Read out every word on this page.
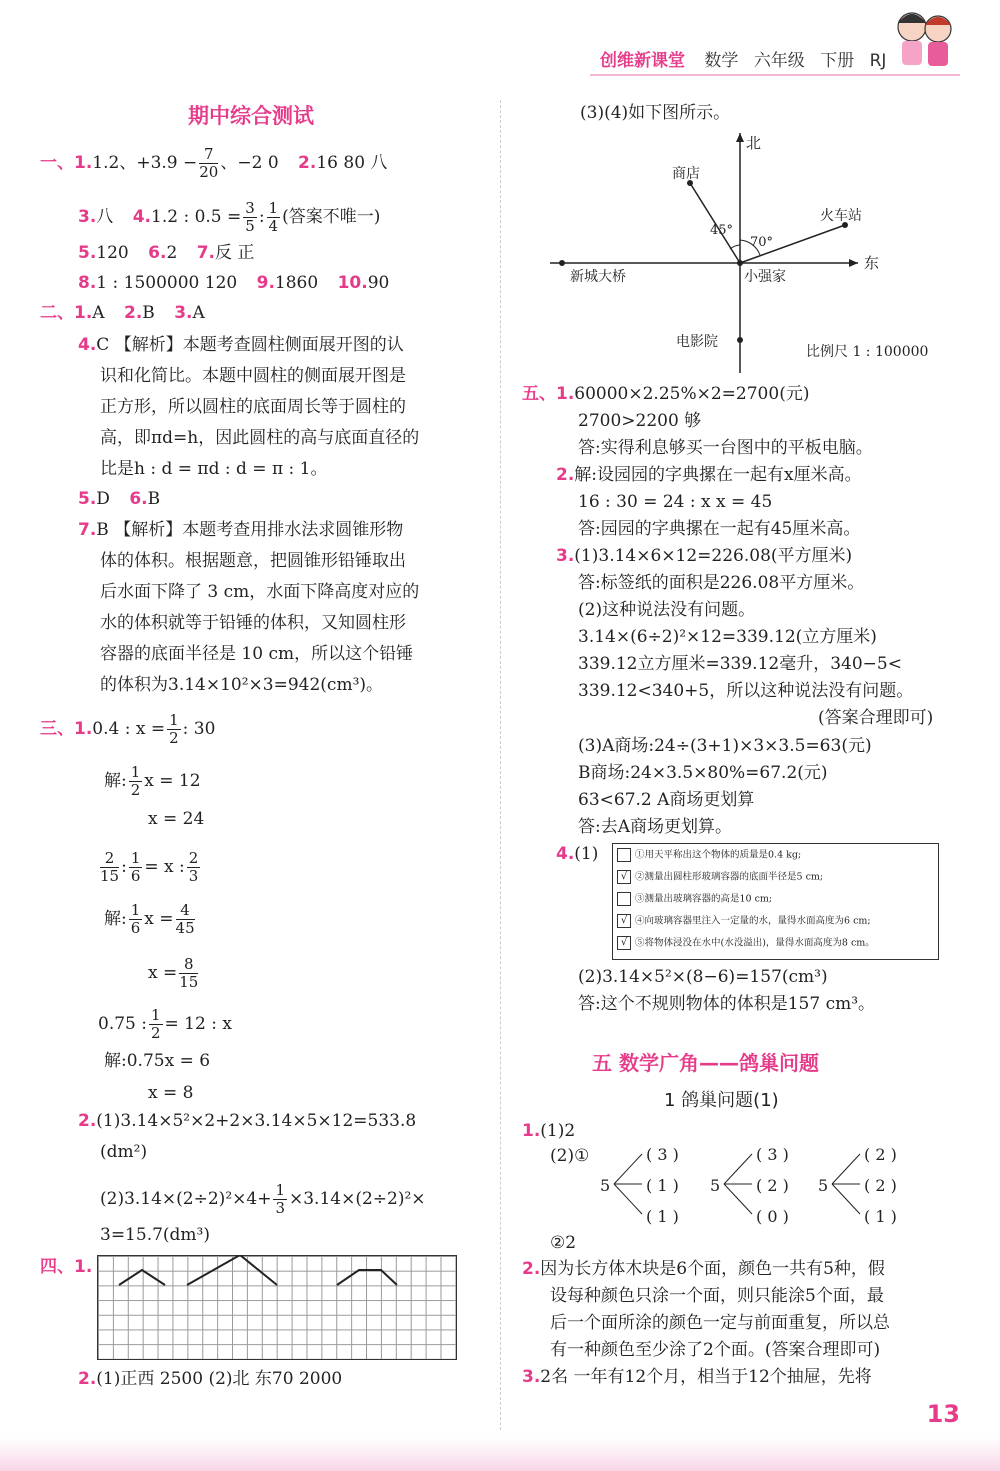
创维新课堂 数学 六年级 下册 RJ
期中综合测试
一、1.1.2、$+3.9 - \frac{7}{20}$ 、−2 0 2.16 80 八
3.八 4.1.2 : $0.5 = \frac{3}{5}$ : $\frac{1}{4}$ (答案不唯一)
5.120 6.2 7.反 正
8.1 : 1500000 120 9.1860 10.90
二、1.A 2.B 3.A
4.C 【解析】本题考查圆柱侧面展开图的认
识和化简比。本题中圆柱的侧面展开图是
正方形，所以圆柱的底面周长等于圆柱的
高，即πd=h，因此圆柱的高与底面直径的
比是h : d = πd : d = π : 1。
5.D 6.B
7.B 【解析】本题考查用排水法求圆锥形物
体的体积。根据题意，把圆锥形铅锤取出
后水面下降了 3 cm，水面下降高度对应的
水的体积就等于铅锤的体积，又知圆柱形
容器的底面半径是 10 cm，所以这个铅锤
的体积为3.14×10²×3=942(cm³)。
三、1.0.4 : $x = \frac{1}{2}$ : 30
解: $\frac{1}{2}$ x = 12
x = 24
$\frac{2}{15}$ : $\frac{1}{6} = x$ : $\frac{2}{3}$
解: $\frac{1}{6}$ $x = \frac{4}{45}$
$x = \frac{8}{15}$
0.75 : $\frac{1}{2} = 12$ : x
解:0.75x = 6
x = 8
2.(1)3.14×5²×2+2×3.14×5×12=533.8
(dm²)
$(2)3.14\times(2\div 2)^2\times 4+ \frac{1}{3} \times 3.14\times(2\div 2)^2\times$
3=15.7(dm³)
四、1.
2.(1)正西 2500 (2)北 东70 2000
(3)(4)如下图所示。
北
东
商店
火车站
新城大桥	小强家
电影院
45°
70°
比例尺 1 : 100000
五、1.60000×2.25%×2=2700(元)
2700>2200 够
答:实得利息够买一台图中的平板电脑。
2.解:设园园的字典摞在一起有x厘米高。
16 : 30 = 24 : x x = 45
答:园园的字典摞在一起有45厘米高。
3.(1)3.14×6×12=226.08(平方厘米)
答:标签纸的面积是226.08平方厘米。
(2)这种说法没有问题。
3.14×(6÷2)²×12=339.12(立方厘米)
339.12立方厘米=339.12毫升，340−5<
339.12<340+5，所以这种说法没有问题。
(答案合理即可)
(3)A商场:24÷(3+1)×3×3.5=63(元)
B商场:24×3.5×80%=67.2(元)
63<67.2 A商场更划算
答:去A商场更划算。
4.(1)	①用天平称出这个物体的质量是0.4 kg;
√ ②测量出圆柱形玻璃容器的底面半径是5 cm;
③测量出玻璃容器的高是10 cm;
√ ④向玻璃容器里注入一定量的水，量得水面高度为6 cm;
√ ⑤将物体浸没在水中(水没溢出)，量得水面高度为8 cm。
(2)3.14×5²×(8−6)=157(cm³)
答:这个不规则物体的体积是157 cm³。
五 数学广角——鸽巢问题
1 鸽巢问题(1)
1.(1)2
(2)①
5
( 3 )
( 1 )
( 1 )
5
( 3 )
( 2 )
( 0 )
5
( 2 )
( 2 )
( 1 )
②2
2.因为长方体木块是6个面，颜色一共有5种，假
设每种颜色只涂一个面，则只能涂5个面，最
后一个面所涂的颜色一定与前面重复，所以总
有一种颜色至少涂了2个面。(答案合理即可)
3.2名 一年有12个月，相当于12个抽屉，先将
13
